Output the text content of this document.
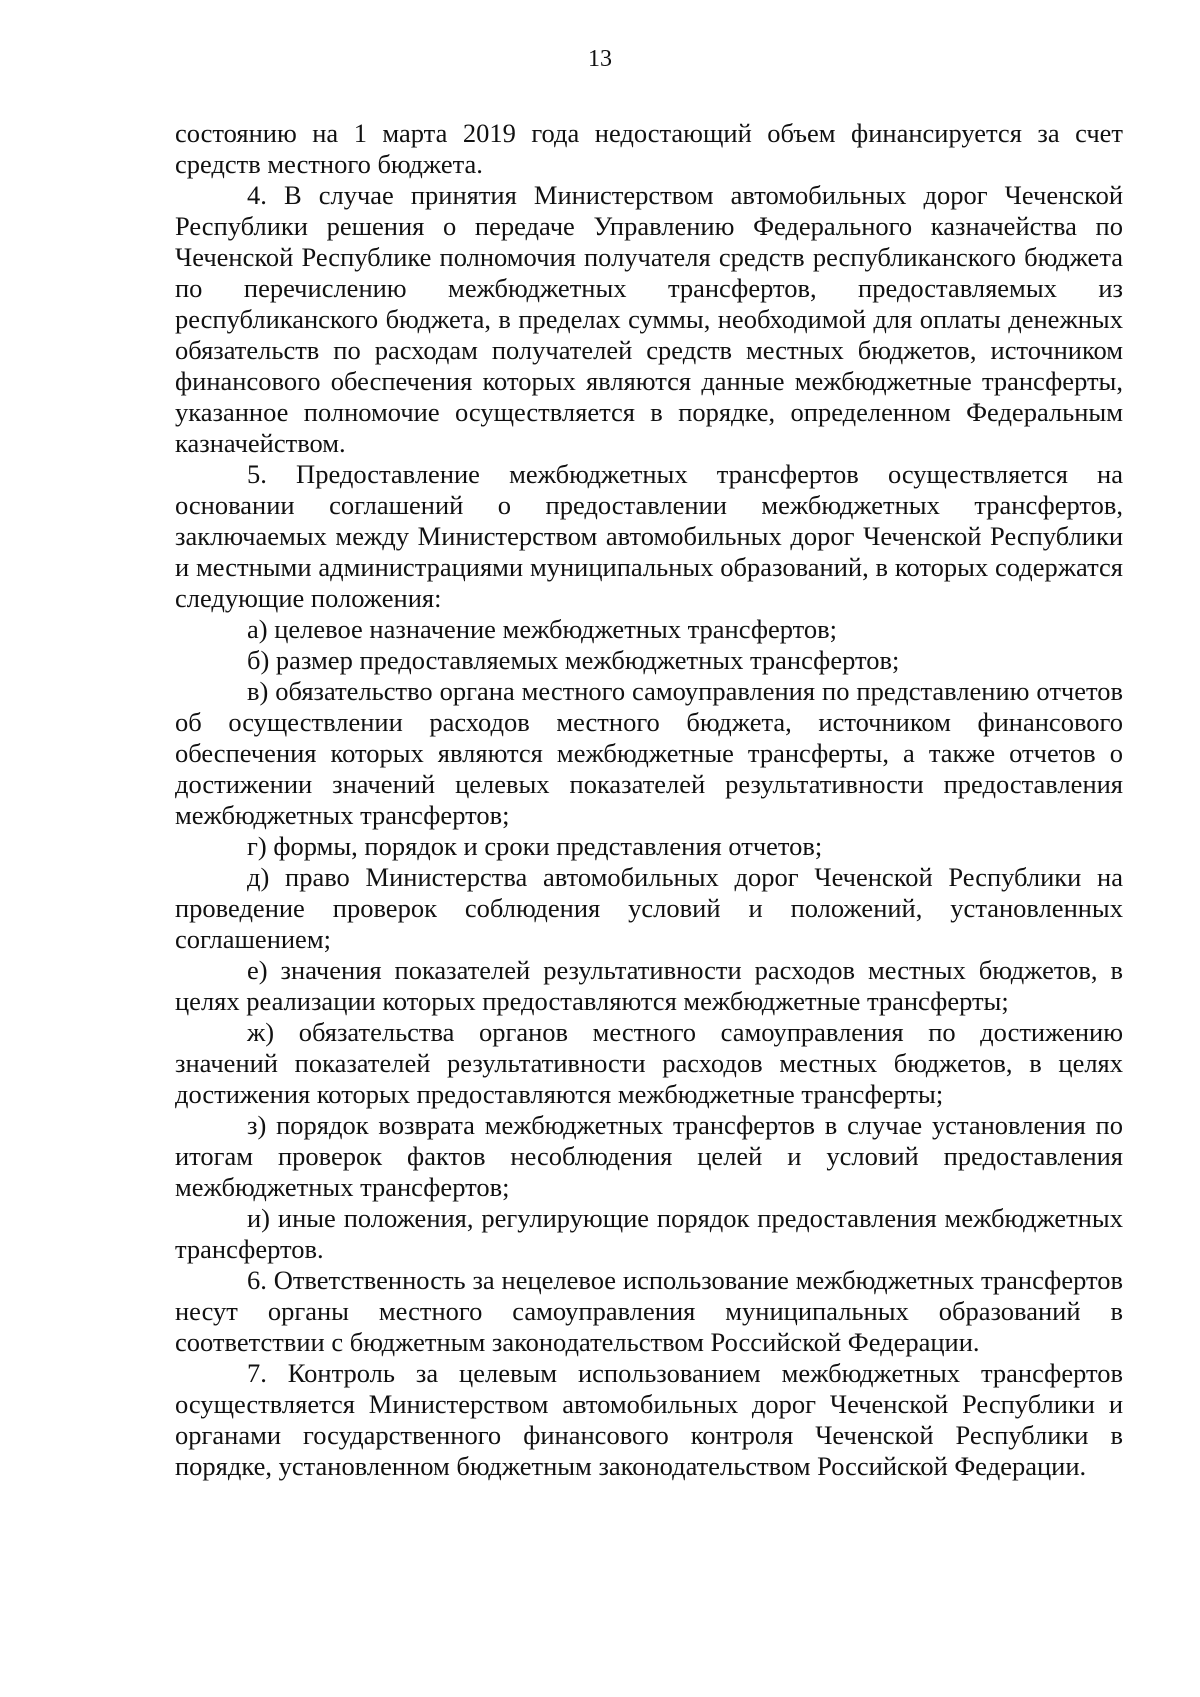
13

состоянию на 1 марта 2019 года недостающий объем финансируется за счет средств местного бюджета.

4. В случае принятия Министерством автомобильных дорог Чеченской Республики решения о передаче Управлению Федерального казначейства по Чеченской Республике полномочия получателя средств республиканского бюджета по перечислению межбюджетных трансфертов, предоставляемых из республиканского бюджета, в пределах суммы, необходимой для оплаты денежных обязательств по расходам получателей средств местных бюджетов, источником финансового обеспечения которых являются данные межбюджетные трансферты, указанное полномочие осуществляется в порядке, определенном Федеральным казначейством.

5. Предоставление межбюджетных трансфертов осуществляется на основании соглашений о предоставлении межбюджетных трансфертов, заключаемых между Министерством автомобильных дорог Чеченской Республики и местными администрациями муниципальных образований, в которых содержатся следующие положения:

а) целевое назначение межбюджетных трансфертов;

б) размер предоставляемых межбюджетных трансфертов;

в) обязательство органа местного самоуправления по представлению отчетов об осуществлении расходов местного бюджета, источником финансового обеспечения которых являются межбюджетные трансферты, а также отчетов о достижении значений целевых показателей результативности предоставления межбюджетных трансфертов;

г) формы, порядок и сроки представления отчетов;

д) право Министерства автомобильных дорог Чеченской Республики на проведение проверок соблюдения условий и положений, установленных соглашением;

е) значения показателей результативности расходов местных бюджетов, в целях реализации которых предоставляются межбюджетные трансферты;

ж) обязательства органов местного самоуправления по достижению значений показателей результативности расходов местных бюджетов, в целях достижения которых предоставляются межбюджетные трансферты;

з) порядок возврата межбюджетных трансфертов в случае установления по итогам проверок фактов несоблюдения целей и условий предоставления межбюджетных трансфертов;

и) иные положения, регулирующие порядок предоставления межбюджетных трансфертов.

6. Ответственность за нецелевое использование межбюджетных трансфертов несут органы местного самоуправления муниципальных образований в соответствии с бюджетным законодательством Российской Федерации.

7. Контроль за целевым использованием межбюджетных трансфертов осуществляется Министерством автомобильных дорог Чеченской Республики и органами государственного финансового контроля Чеченской Республики в порядке, установленном бюджетным законодательством Российской Федерации.
